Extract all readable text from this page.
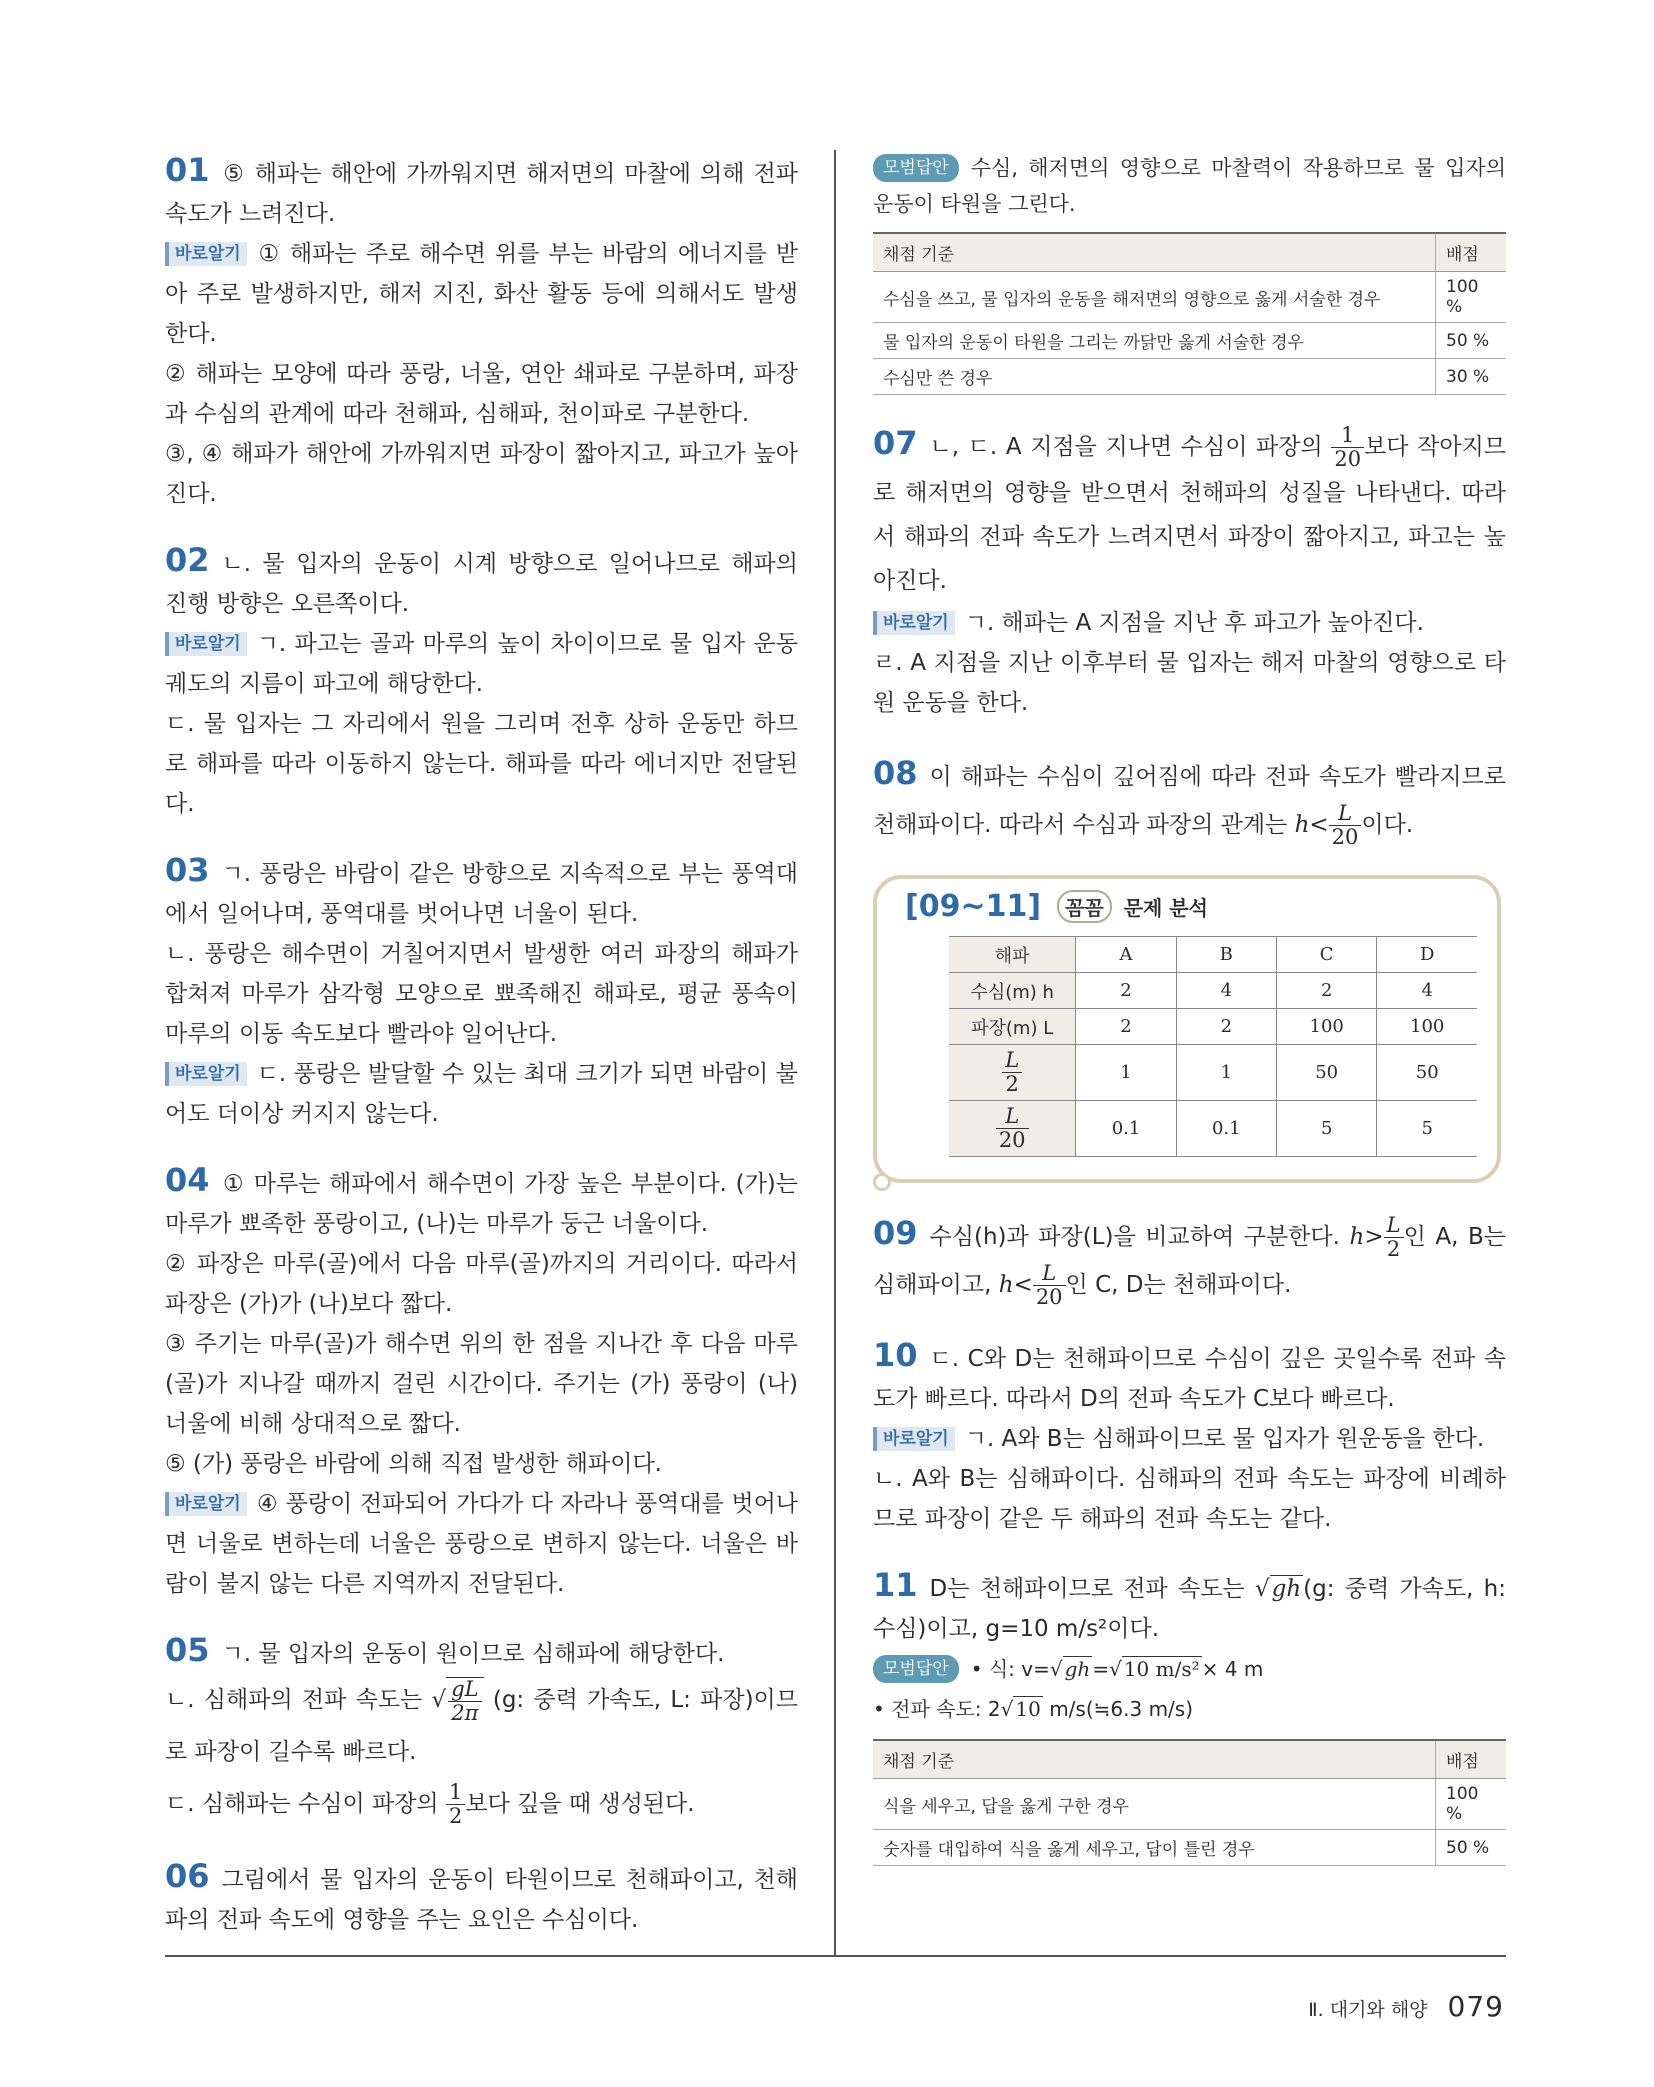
01 ⑤ 해파는 해안에 가까워지면 해저면의 마찰에 의해 전파 속도가 느려진다.

바로알기 ① 해파는 주로 해수면 위를 부는 바람의 에너지를 받아 주로 발생하지만, 해저 지진, 화산 활동 등에 의해서도 발생한다.

② 해파는 모양에 따라 풍랑, 너울, 연안 쇄파로 구분하며, 파장과 수심의 관계에 따라 천해파, 심해파, 천이파로 구분한다.

③, ④ 해파가 해안에 가까워지면 파장이 짧아지고, 파고가 높아진다.

02 ㄴ. 물 입자의 운동이 시계 방향으로 일어나므로 해파의 진행 방향은 오른쪽이다.

바로알기 ㄱ. 파고는 골과 마루의 높이 차이이므로 물 입자 운동 궤도의 지름이 파고에 해당한다.

ㄷ. 물 입자는 그 자리에서 원을 그리며 전후 상하 운동만 하므로 해파를 따라 이동하지 않는다. 해파를 따라 에너지만 전달된다.

03 ㄱ. 풍랑은 바람이 같은 방향으로 지속적으로 부는 풍역대에서 일어나며, 풍역대를 벗어나면 너울이 된다.

ㄴ. 풍랑은 해수면이 거칠어지면서 발생한 여러 파장의 해파가 합쳐져 마루가 삼각형 모양으로 뾰족해진 해파로, 평균 풍속이 마루의 이동 속도보다 빨라야 일어난다.

바로알기 ㄷ. 풍랑은 발달할 수 있는 최대 크기가 되면 바람이 불어도 더이상 커지지 않는다.

04 ① 마루는 해파에서 해수면이 가장 높은 부분이다. (가)는 마루가 뾰족한 풍랑이고, (나)는 마루가 둥근 너울이다.

② 파장은 마루(골)에서 다음 마루(골)까지의 거리이다. 따라서 파장은 (가)가 (나)보다 짧다.

③ 주기는 마루(골)가 해수면 위의 한 점을 지나간 후 다음 마루(골)가 지나갈 때까지 걸린 시간이다. 주기는 (가) 풍랑이 (나) 너울에 비해 상대적으로 짧다.

⑤ (가) 풍랑은 바람에 의해 직접 발생한 해파이다.

바로알기 ④ 풍랑이 전파되어 가다가 다 자라나 풍역대를 벗어나면 너울로 변하는데 너울은 풍랑으로 변하지 않는다. 너울은 바람이 불지 않는 다른 지역까지 전달된다.

05 ㄱ. 물 입자의 운동이 원이므로 심해파에 해당한다.

ㄴ. 심해파의 전파 속도는 √ $\frac{gL}{2\pi} (g$: 중력 가속도, L: 파장)이므로 파장이 길수록 빠르다.

ㄷ. 심해파는 수심이 파장의 $\frac{1}{2}$ 보다 깊을 때 생성된다.

06 그림에서 물 입자의 운동이 타원이므로 천해파이고, 천해파의 전파 속도에 영향을 주는 요인은 수심이다.

모범답안 수심, 해저면의 영향으로 마찰력이 작용하므로 물 입자의 운동이 타원을 그린다.

채점 기준	배점
수심을 쓰고, 물 입자의 운동을 해저면의 영향으로 옳게 서술한 경우	100 %
물 입자의 운동이 타원을 그리는 까닭만 옳게 서술한 경우	50 %
수심만 쓴 경우	30 %

07 ㄴ, ㄷ. A 지점을 지나면 수심이 파장의 $\frac{1}{20}$ 보다 작아지므로 해저면의 영향을 받으면서 천해파의 성질을 나타낸다. 따라서 해파의 전파 속도가 느려지면서 파장이 짧아지고, 파고는 높아진다.

바로알기 ㄱ. 해파는 A 지점을 지난 후 파고가 높아진다.

ㄹ. A 지점을 지난 이후부터 물 입자는 해저 마찰의 영향으로 타원 운동을 한다.

08 이 해파는 수심이 깊어짐에 따라 전파 속도가 빨라지므로 천해파이다. 따라서 수심과 파장의 관계는 $h< \frac{L}{20}$ 이다.

[09~11]	꼼꼼	문제 분석
해파	A	B	C	D
수심(m) h	2	4	2	4
파장(m) L	2	2	100	100

$\frac{L}{2}$	1	1	50	50

$\frac{L}{20}$	0.1	0.1	5	5

09 수심(h)과 파장(L)을 비교하여 구분한다. $h> \frac{L}{2}$ 인 A, B는 심해파이고, $h< \frac{L}{20}$ 인 C, D는 천해파이다.

10 ㄷ. C와 D는 천해파이므로 수심이 깊은 곳일수록 전파 속도가 빠르다. 따라서 D의 전파 속도가 C보다 빠르다.

바로알기 ㄱ. A와 B는 심해파이므로 물 입자가 원운동을 한다.

ㄴ. A와 B는 심해파이다. 심해파의 전파 속도는 파장에 비례하므로 파장이 같은 두 해파의 전파 속도는 같다.

11 D는 천해파이므로 전파 속도는 √gh(g: 중력 가속도, h: 수심)이고, g=10 m/s²이다.

모범답안 • 식: v=√ gh =√ 10 m/s² × 4 m

• 전파 속도: 2√ 10 m/s(≒6.3 m/s)

채점 기준	배점
식을 세우고, 답을 옳게 구한 경우	100 %
숫자를 대입하여 식을 옳게 세우고, 답이 틀린 경우	50 %
Ⅱ. 대기와 해양 079
